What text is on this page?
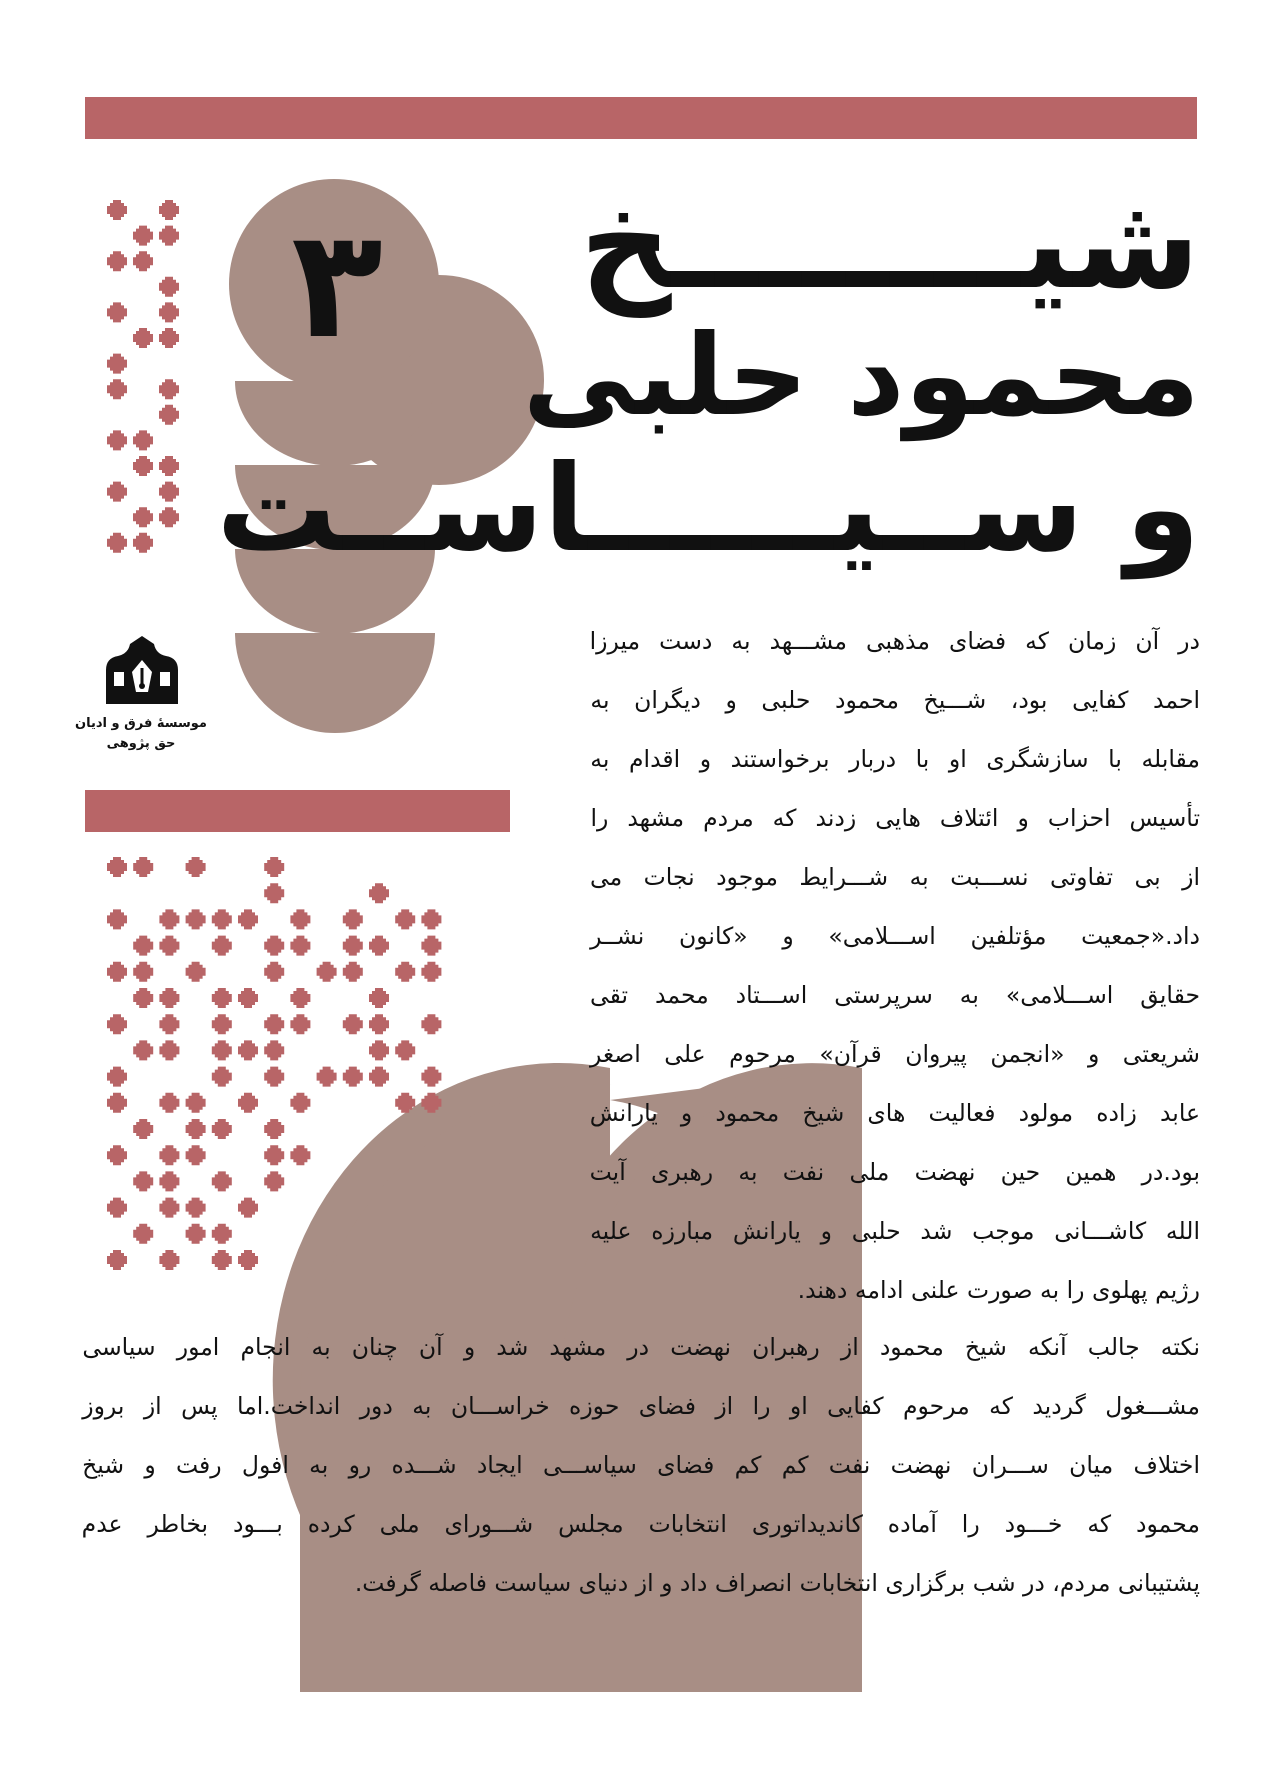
۳	شیــــــــخ
محمود حلبی
و ســیــــــاســت
موسسهٔ فرق و ادیان
حق پژوهی
در آن زمان که فضای مذهبی مشـــهد به دست میرزا
احمد کفایی بود، شـــیخ محمود حلبی و دیگران به
مقابله با سازشگری او با دربار برخواستند و اقدام به
تأسیس احزاب و ائتلاف هایی زدند که مردم مشهد را
از بی تفاوتی نســـبت به شـــرایط موجود نجات می
داد.«جمعیت مؤتلفین اســـلامی» و «کانون نشــر
حقایق اســـلامی» به سرپرستی اســـتاد محمد تقی
شریعتی و «انجمن پیروان قرآن» مرحوم علی اصغر
عابد زاده مولود فعالیت های شیخ محمود و یارانش
بود.در همین حین نهضت ملی نفت به رهبری آیت
الله کاشـــانی موجب شد حلبی و یارانش مبارزه علیه
رژیم پهلوی را به صورت علنی ادامه دهند.
نکته جالب آنکه شیخ محمود از رهبران نهضت در مشهد شد و آن چنان به انجام امور سیاسی
مشـــغول گردید که مرحوم کفایی او را از فضای حوزه خراســـان به دور انداخت.اما پس از بروز
اختلاف میان ســـران نهضت نفت کم کم فضای سیاســـی ایجاد شـــده رو به افول رفت و شیخ
محمود که خـــود را آماده کاندیداتوری انتخابات مجلس شـــورای ملی کرده بـــود بخاطر عدم
پشتیبانی مردم، در شب برگزاری انتخابات انصراف داد و از دنیای سیاست فاصله گرفت.
